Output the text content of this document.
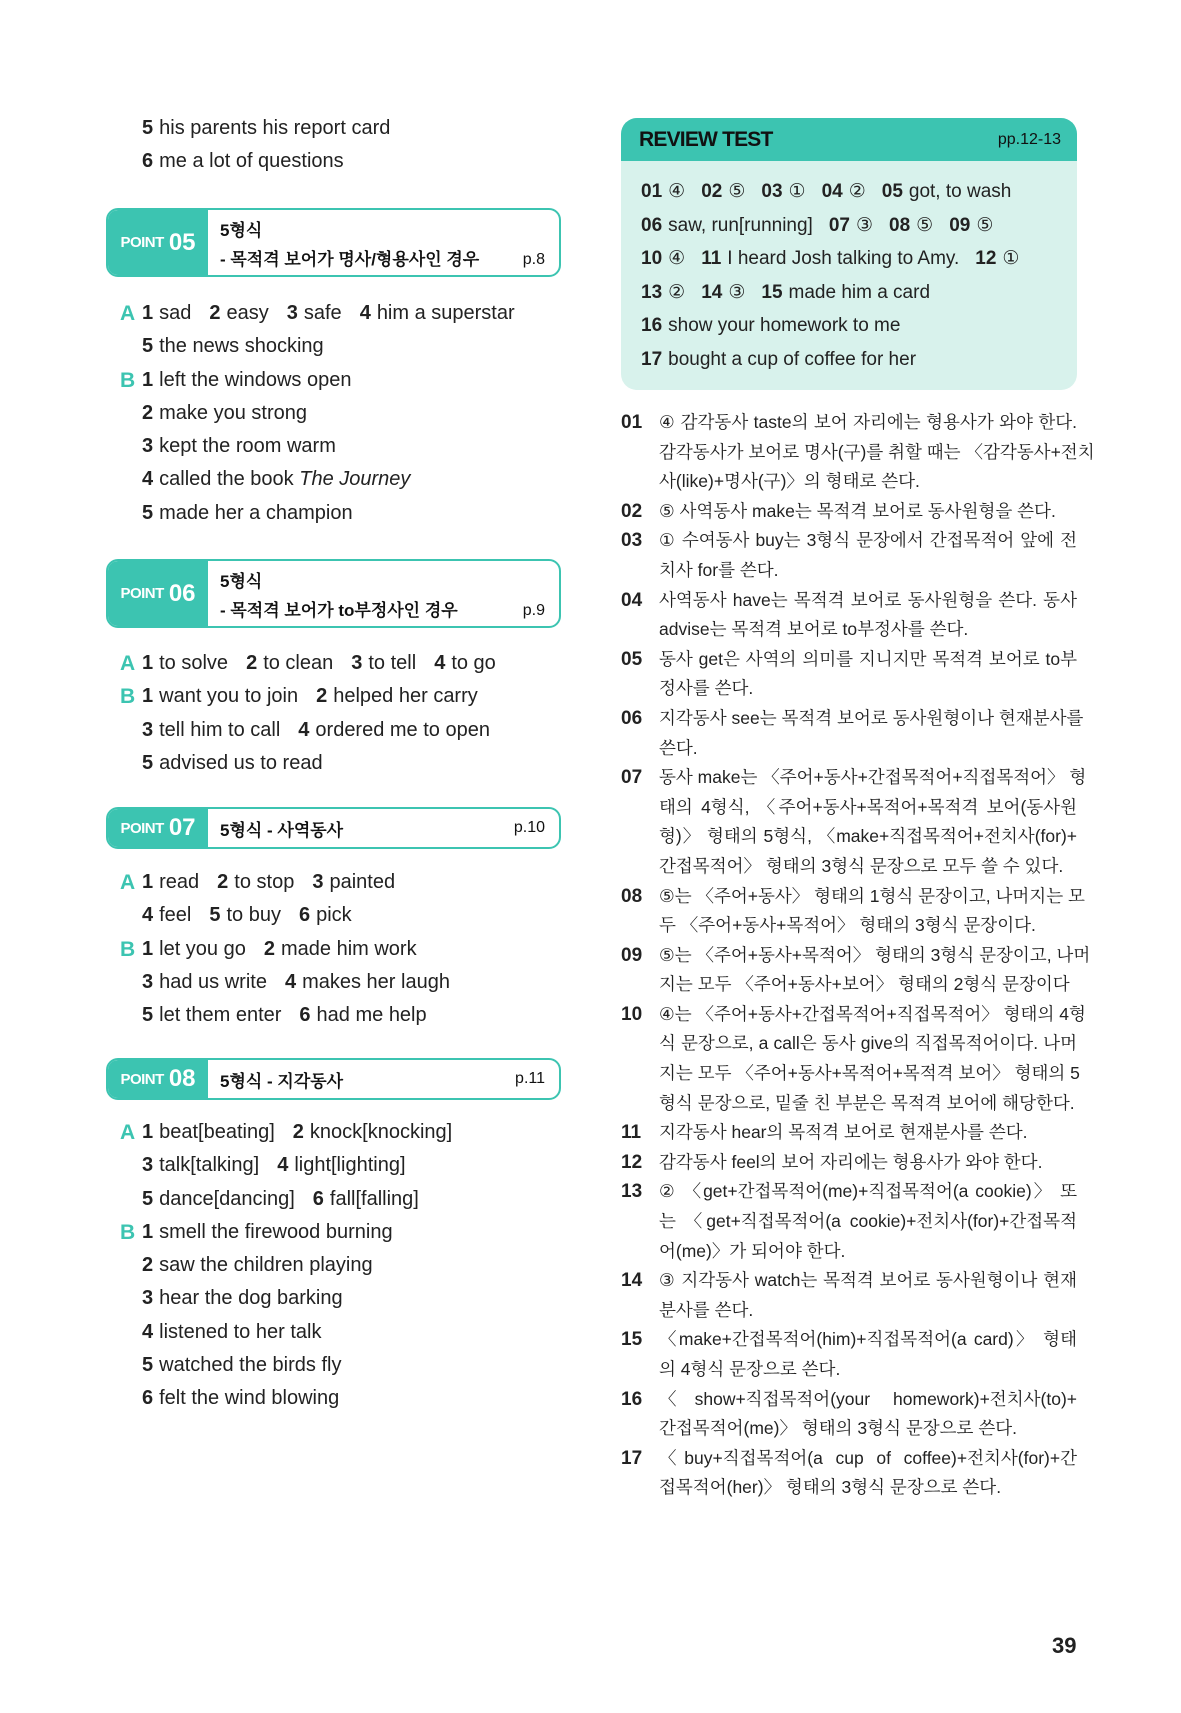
5 his parents his report card
6 me a lot of questions
POINT 05 5형식
- 목적격 보어가 명사/형용사인 경우	p.8
A 1 sad 2 easy 3 safe 4 him a superstar
5 the news shocking
B 1 left the windows open
2 make you strong
3 kept the room warm
4 called the book The Journey
5 made her a champion
POINT 06 5형식
- 목적격 보어가 to부정사인 경우	p.9
A 1 to solve 2 to clean 3 to tell 4 to go
B 1 want you to join 2 helped her carry
3 tell him to call 4 ordered me to open
5 advised us to read
POINT 07 5형식 - 사역동사	p.10
A 1 read 2 to stop 3 painted
4 feel 5 to buy 6 pick
B 1 let you go 2 made him work
3 had us write 4 makes her laugh
5 let them enter 6 had me help
POINT 08 5형식 - 지각동사	p.11
A 1 beat[beating] 2 knock[knocking]
3 talk[talking] 4 light[lighting]
5 dance[dancing] 6 fall[falling]
B 1 smell the firewood burning
2 saw the children playing
3 hear the dog barking
4 listened to her talk
5 watched the birds fly
6 felt the wind blowing
REVIEW TEST	pp.12-13
01 ④ 02 ⑤ 03 ① 04 ② 05 got, to wash
06 saw, run[running] 07 ③ 08 ⑤ 09 ⑤
10 ④ 11 I heard Josh talking to Amy. 12 ①
13 ② 14 ③ 15 made him a card
16 show your homework to me
17 bought a cup of coffee for her
01 ④ 감각동사 taste의 보어 자리에는 형용사가 와야 한다.
감각동사가 보어로 명사(구)를 취할 때는 〈감각동사+전치
사(like)+명사(구)〉의 형태로 쓴다.
02 ⑤ 사역동사 make는 목적격 보어로 동사원형을 쓴다.
03 ① 수여동사 buy는 3형식 문장에서 간접목적어 앞에 전
치사 for를 쓴다.
04 사역동사 have는 목적격 보어로 동사원형을 쓴다. 동사
advise는 목적격 보어로 to부정사를 쓴다.
05 동사 get은 사역의 의미를 지니지만 목적격 보어로 to부
정사를 쓴다.
06 지각동사 see는 목적격 보어로 동사원형이나 현재분사를
쓴다.
07 동사 make는 〈주어+동사+간접목적어+직접목적어〉 형
태의 4형식, 〈주어+동사+목적어+목적격 보어(동사원
형)〉 형태의 5형식, 〈make+직접목적어+전치사(for)+
간접목적어〉 형태의 3형식 문장으로 모두 쓸 수 있다.
08 ⑤는 〈주어+동사〉 형태의 1형식 문장이고, 나머지는 모
두 〈주어+동사+목적어〉 형태의 3형식 문장이다.
09 ⑤는 〈주어+동사+목적어〉 형태의 3형식 문장이고, 나머
지는 모두 〈주어+동사+보어〉 형태의 2형식 문장이다
10 ④는 〈주어+동사+간접목적어+직접목적어〉 형태의 4형
식 문장으로, a call은 동사 give의 직접목적어이다. 나머
지는 모두 〈주어+동사+목적어+목적격 보어〉 형태의 5
형식 문장으로, 밑줄 친 부분은 목적격 보어에 해당한다.
11 지각동사 hear의 목적격 보어로 현재분사를 쓴다.
12 감각동사 feel의 보어 자리에는 형용사가 와야 한다.
13 ② 〈get+간접목적어(me)+직접목적어(a cookie)〉 또
는 〈get+직접목적어(a cookie)+전치사(for)+간접목적
어(me)〉가 되어야 한다.
14 ③ 지각동사 watch는 목적격 보어로 동사원형이나 현재
분사를 쓴다.
15 〈make+간접목적어(him)+직접목적어(a card)〉 형태
의 4형식 문장으로 쓴다.
16 〈show+직접목적어(your homework)+전치사(to)+
간접목적어(me)〉 형태의 3형식 문장으로 쓴다.
17 〈buy+직접목적어(a cup of coffee)+전치사(for)+간
접목적어(her)〉 형태의 3형식 문장으로 쓴다.
39
